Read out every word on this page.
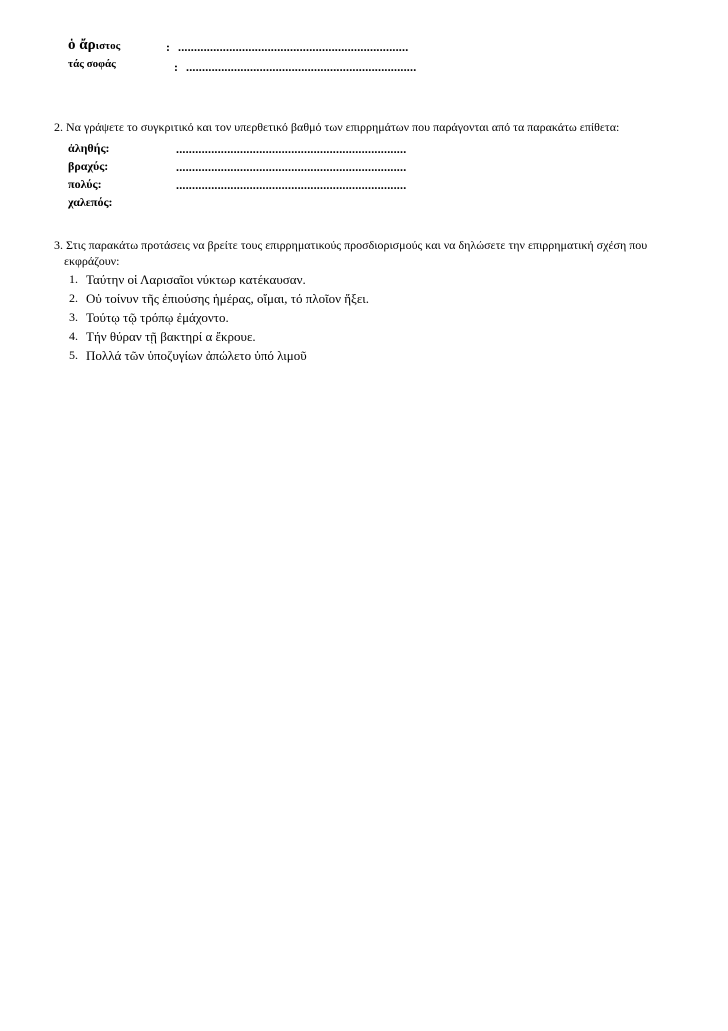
ὁ ἄριστος	: ........................................................................
τάς σοφάς	: ........................................................................
2. Να γράψετε το συγκριτικό και τον υπερθετικό βαθμό των επιρρημάτων που παράγονται από τα παρακάτω επίθετα:
ἀληθής:	........................................................................
βραχύς:	........................................................................
πολύς:	........................................................................
χαλεπός:
3. Στις παρακάτω προτάσεις να βρείτε τους επιρρηματικούς προσδιορισμούς και να δηλώσετε την επιρρηματική σχέση που
εκφράζουν:
1. Ταύτην οἱ Λαρισαῖοι νύκτωρ κατέκαυσαν.
2. Οὐ τοίνυν τῆς ἐπιούσης ἡμέρας, οἴμαι, τό πλοῖον ἥξει.
3. Τούτῳ τῷ τρόπῳ ἐμάχοντο.
4. Τήν θύραν τῇ βακτηρί α ἔκρουε.
5. Πολλά τῶν ὑποζυγίων ἀπώλετο ὑπό λιμοῦ
